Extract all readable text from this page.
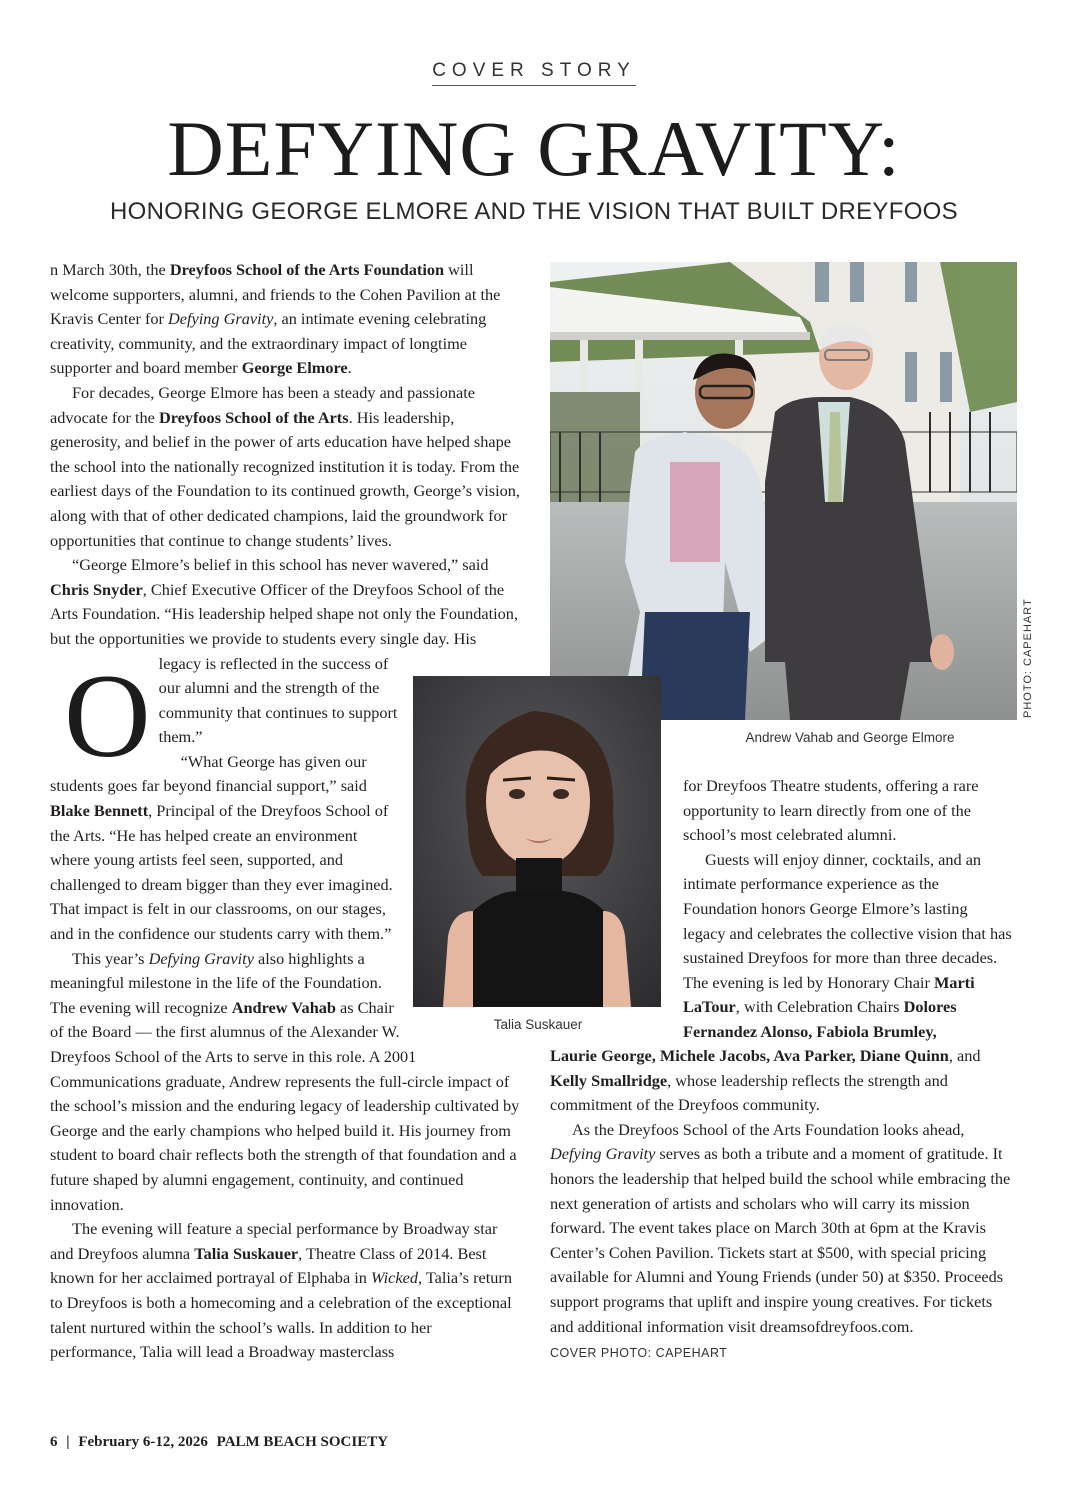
COVER STORY
DEFYING GRAVITY:
HONORING GEORGE ELMORE AND THE VISION THAT BUILT DREYFOOS
PHOTO: CAPEHART
Andrew Vahab and George Elmore
Talia Suskauer

O
n March 30th, the Dreyfoos School of the Arts Foundation will welcome supporters, alumni, and friends to the Cohen Pavilion at the Kravis Center for Defying Gravity, an intimate evening celebrating creativity, community, and the extraordinary impact of longtime supporter and board member George Elmore.

For decades, George Elmore has been a steady and passionate advocate for the Dreyfoos School of the Arts. His leadership, generosity, and belief in the power of arts education have helped shape the school into the nationally recognized institution it is today. From the earliest days of the Foundation to its continued growth, George’s vision, along with that of other dedicated champions, laid the groundwork for opportunities that continue to change students’ lives.

“George Elmore’s belief in this school has never wavered,” said Chris Snyder, Chief Executive Officer of the Dreyfoos School of the Arts Foundation. “His leadership helped shape not only the Foundation, but the opportunities we provide to students every single day. His legacy is reflected in the success of our alumni and the strength of the community that continues to support them.”

“What George has given our students goes far beyond financial support,” said Blake Bennett, Principal of the Dreyfoos School of the Arts. “He has helped create an environment where young artists feel seen, supported, and challenged to dream bigger than they ever imagined. That impact is felt in our classrooms, on our stages, and in the confidence our students carry with them.”

This year’s Defying Gravity also highlights a meaningful milestone in the life of the Foundation. The evening will recognize Andrew Vahab as Chair of the Board — the first alumnus of the Alexander W. Dreyfoos School of the Arts to serve in this role. A 2001 Communications graduate, Andrew represents the full-circle impact of the school’s mission and the enduring legacy of leadership cultivated by George and the early champions who helped build it. His journey from student to board chair reflects both the strength of that foundation and a future shaped by alumni engagement, continuity, and continued innovation.

The evening will feature a special performance by Broadway star and Dreyfoos alumna Talia Suskauer, Theatre Class of 2014. Best known for her acclaimed portrayal of Elphaba in Wicked, Talia’s return to Dreyfoos is both a homecoming and a celebration of the exceptional talent nurtured within the school’s walls. In addition to her performance, Talia will lead a Broadway masterclass

for Dreyfoos Theatre students, offering a rare opportunity to learn directly from one of the school’s most celebrated alumni.

Guests will enjoy dinner, cocktails, and an intimate performance experience as the Foundation honors George Elmore’s lasting legacy and celebrates the collective vision that has sustained Dreyfoos for more than three decades. The evening is led by Honorary Chair Marti LaTour, with Celebration Chairs Dolores Fernandez Alonso, Fabiola Brumley,

Laurie George, Michele Jacobs, Ava Parker, Diane Quinn, and Kelly Smallridge, whose leadership reflects the strength and commitment of the Dreyfoos community.

As the Dreyfoos School of the Arts Foundation looks ahead, Defying Gravity serves as both a tribute and a moment of gratitude. It honors the leadership that helped build the school while embracing the next generation of artists and scholars who will carry its mission forward. The event takes place on March 30th at 6pm at the Kravis Center’s Cohen Pavilion. Tickets start at $500, with special pricing available for Alumni and Young Friends (under 50) at $350. Proceeds support programs that uplift and inspire young creatives. For tickets and additional information visit dreamsofdreyfoos.com.

COVER PHOTO: CAPEHART
6 | February 6-12, 2026 PALM BEACH SOCIETY
